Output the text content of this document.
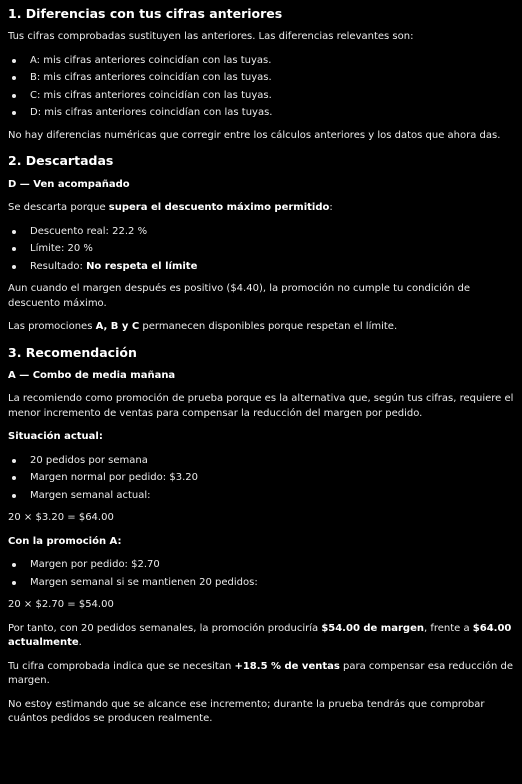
1. Diferencias con tus cifras anteriores

Tus cifras comprobadas sustituyen las anteriores. Las diferencias relevantes son:

A: mis cifras anteriores coincidían con las tuyas.
B: mis cifras anteriores coincidían con las tuyas.
C: mis cifras anteriores coincidían con las tuyas.
D: mis cifras anteriores coincidían con las tuyas.

No hay diferencias numéricas que corregir entre los cálculos anteriores y los datos que ahora das.

2. Descartadas

D — Ven acompañado

Se descarta porque supera el descuento máximo permitido:

Descuento real: 22.2 %
Límite: 20 %
Resultado: No respeta el límite

Aun cuando el margen después es positivo ($4.40), la promoción no cumple tu condición de descuento máximo.

Las promociones A, B y C permanecen disponibles porque respetan el límite.

3. Recomendación

A — Combo de media mañana

La recomiendo como promoción de prueba porque es la alternativa que, según tus cifras, requiere el menor incremento de ventas para compensar la reducción del margen por pedido.

Situación actual:

20 pedidos por semana
Margen normal por pedido: $3.20
Margen semanal actual:

20 × $3.20 = $64.00

Con la promoción A:

Margen por pedido: $2.70
Margen semanal si se mantienen 20 pedidos:

20 × $2.70 = $54.00

Por tanto, con 20 pedidos semanales, la promoción produciría $54.00 de margen, frente a $64.00 actualmente.

Tu cifra comprobada indica que se necesitan +18.5 % de ventas para compensar esa reducción de margen.

No estoy estimando que se alcance ese incremento; durante la prueba tendrás que comprobar cuántos pedidos se producen realmente.
